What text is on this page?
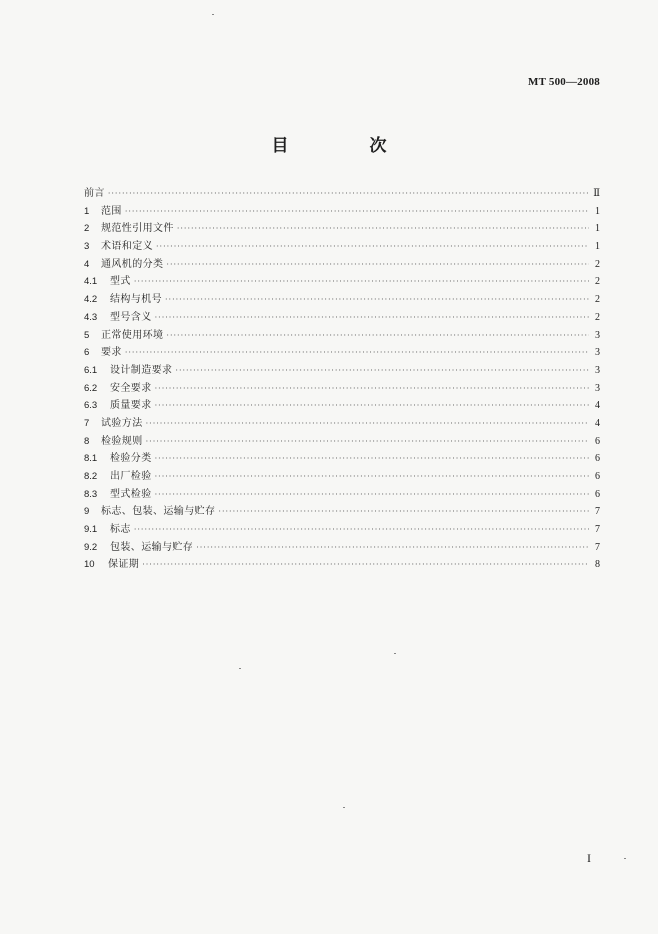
MT 500—2008
目　次
前言 ·····	Ⅱ
1	范围 ·····	1
2	规范性引用文件 ·····	1
3	术语和定义 ·····	1
4	通风机的分类 ·····	2
4.1	型式 ·····	2
4.2	结构与机号 ·····	2
4.3	型号含义 ·····	2
5	正常使用环境 ·····	3
6	要求 ·····	3
6.1	设计制造要求 ·····	3
6.2	安全要求 ·····	3
6.3	质量要求 ·····	4
7	试验方法 ·····	4
8	检验规则 ·····	6
8.1	检验分类 ·····	6
8.2	出厂检验 ·····	6
8.3	型式检验 ·····	6
9	标志、包装、运输与贮存 ·····	7
9.1	标志 ·····	7
9.2	包装、运输与贮存 ·····	7
10	保证期 ·····	8
I
